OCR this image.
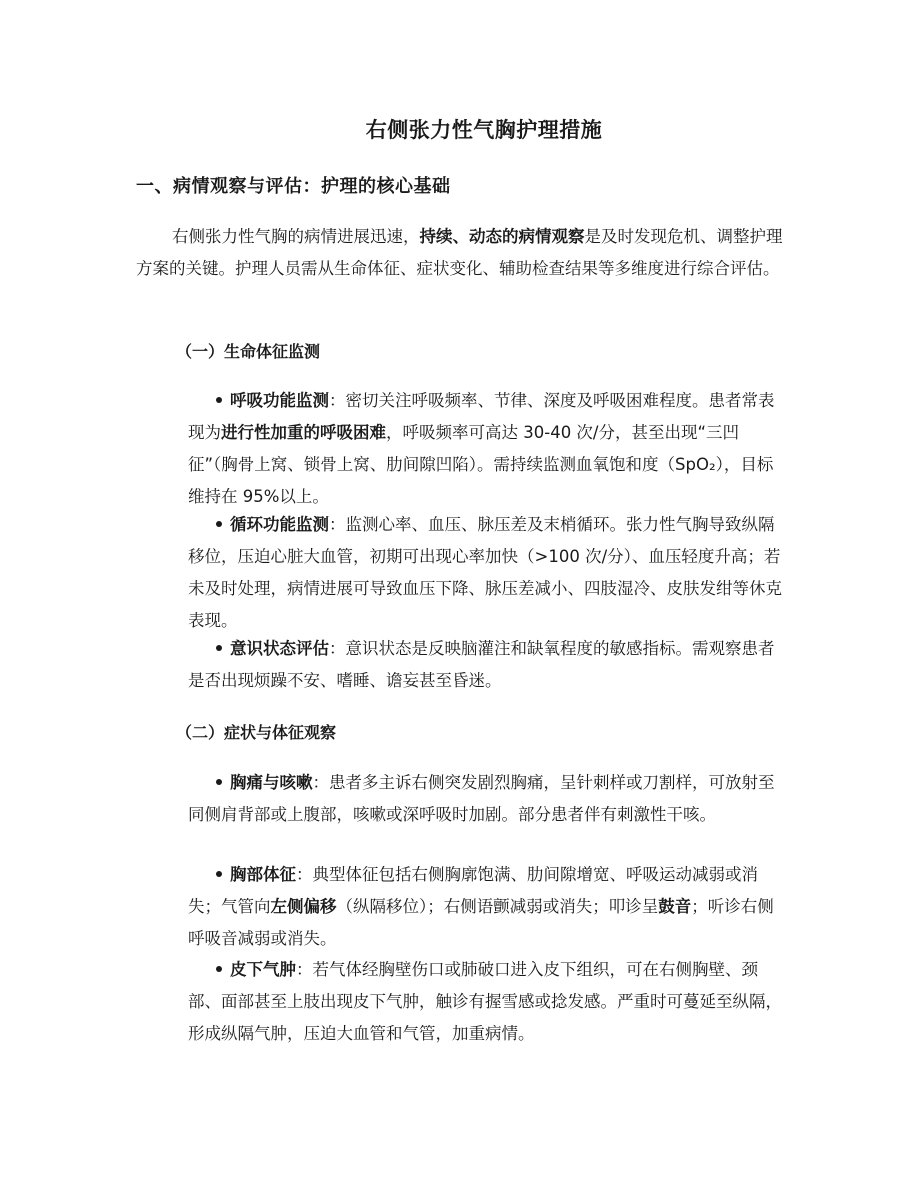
右侧张力性气胸护理措施
一、病情观察与评估：护理的核心基础
右侧张力性气胸的病情进展迅速，持续、动态的病情观察是及时发现危机、调整护理方案的关键。护理人员需从生命体征、症状变化、辅助检查结果等多维度进行综合评估。
（一）生命体征监测
呼吸功能监测：密切关注呼吸频率、节律、深度及呼吸困难程度。患者常表现为进行性加重的呼吸困难，呼吸频率可高达 30-40 次/分，甚至出现“三凹征”（胸骨上窝、锁骨上窝、肋间隙凹陷）。需持续监测血氧饱和度（SpO₂），目标维持在 95%以上。
循环功能监测：监测心率、血压、脉压差及末梢循环。张力性气胸导致纵隔移位，压迫心脏大血管，初期可出现心率加快（>100 次/分）、血压轻度升高；若未及时处理，病情进展可导致血压下降、脉压差减小、四肢湿冷、皮肤发绀等休克表现。
意识状态评估：意识状态是反映脑灌注和缺氧程度的敏感指标。需观察患者是否出现烦躁不安、嗜睡、谵妄甚至昏迷。
（二）症状与体征观察
胸痛与咳嗽：患者多主诉右侧突发剧烈胸痛，呈针刺样或刀割样，可放射至同侧肩背部或上腹部，咳嗽或深呼吸时加剧。部分患者伴有刺激性干咳。
胸部体征：典型体征包括右侧胸廓饱满、肋间隙增宽、呼吸运动减弱或消失；气管向左侧偏移（纵隔移位）；右侧语颤减弱或消失；叩诊呈鼓音；听诊右侧呼吸音减弱或消失。
皮下气肿：若气体经胸壁伤口或肺破口进入皮下组织，可在右侧胸壁、颈部、面部甚至上肢出现皮下气肿，触诊有握雪感或捻发感。严重时可蔓延至纵隔，形成纵隔气肿，压迫大血管和气管，加重病情。
